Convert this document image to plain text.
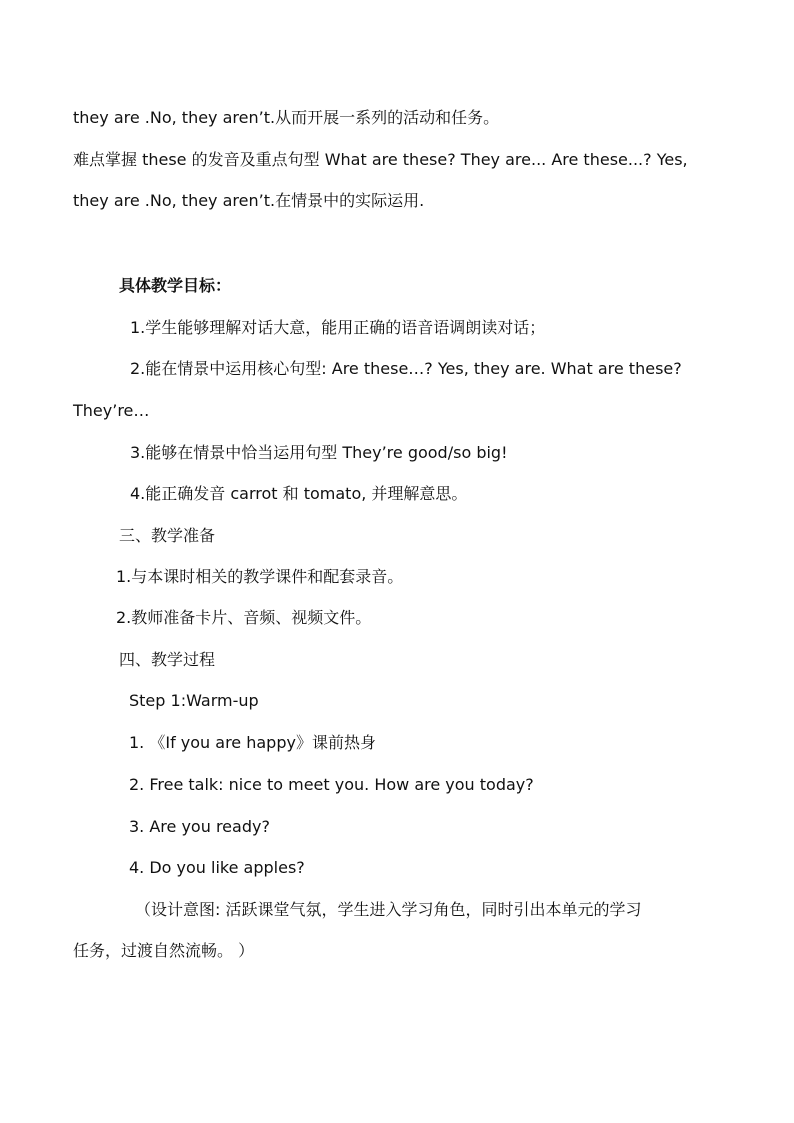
they are .No, they aren’t.从而开展一系列的活动和任务。
难点掌握 these 的发音及重点句型 What are these? They are... Are these...? Yes,
they are .No, they aren’t.在情景中的实际运用.
具体教学目标：
1.学生能够理解对话大意，能用正确的语音语调朗读对话；
2.能在情景中运用核心句型: Are these…? Yes, they are. What are these?
They’re…
3.能够在情景中恰当运用句型 They’re good/so big!
4.能正确发音 carrot 和 tomato, 并理解意思。
三、教学准备
1.与本课时相关的教学课件和配套录音。
2.教师准备卡片、音频、视频文件。
四、教学过程
Step 1:Warm-up
1. 《If you are happy》课前热身
2. Free talk: nice to meet you. How are you today?
3. Are you ready?
4. Do you like apples?
（设计意图: 活跃课堂气氛，学生进入学习角色，同时引出本单元的学习
任务，过渡自然流畅。 ）
